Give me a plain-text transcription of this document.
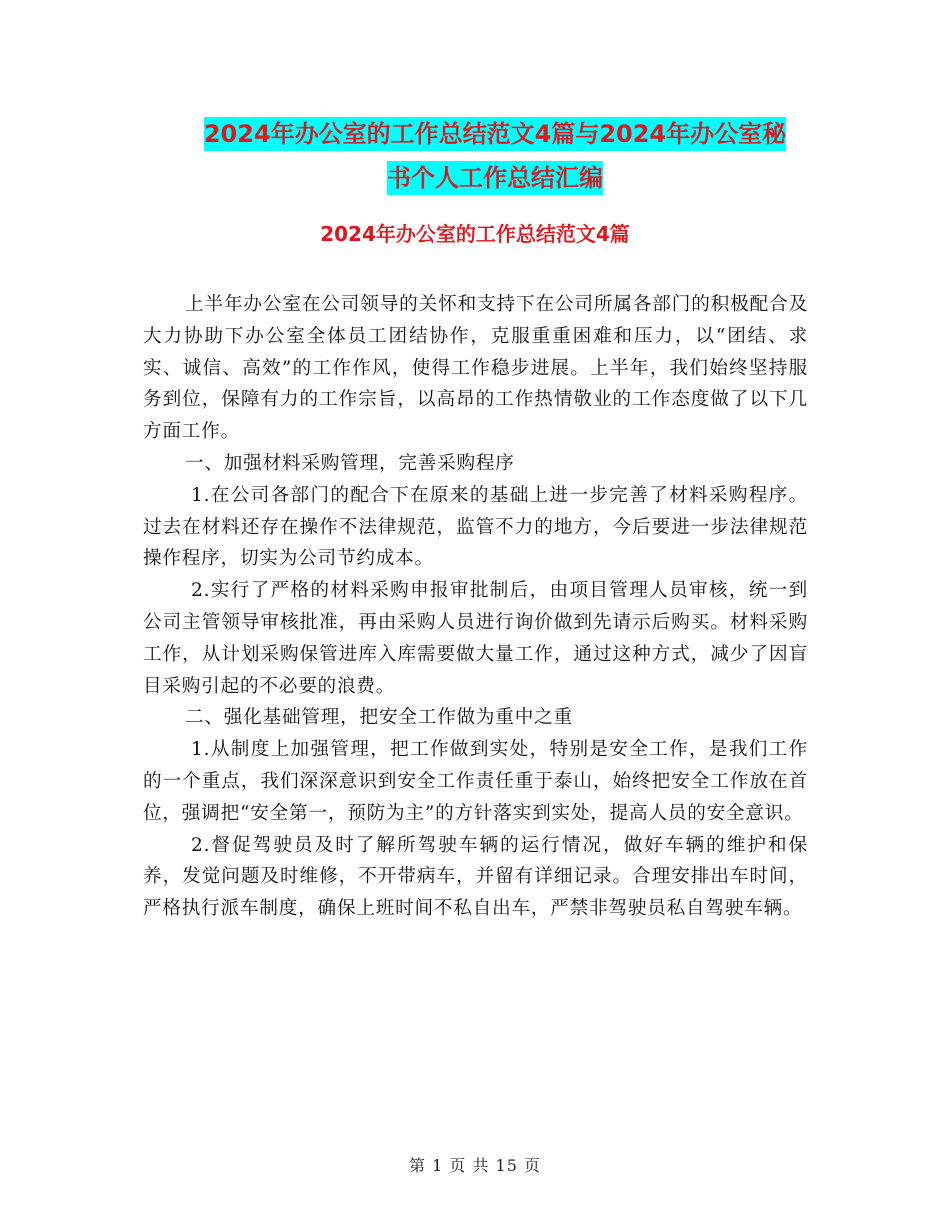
2024年办公室的工作总结范文4篇与2024年办公室秘
书个人工作总结汇编
2024年办公室的工作总结范文4篇

上半年办公室在公司领导的关怀和支持下在公司所属各部门的积极配合及大力协助下办公室全体员工团结协作，克服重重困难和压力，以“团结、求实、诚信、高效”的工作作风，使得工作稳步进展。上半年，我们始终坚持服务到位，保障有力的工作宗旨，以高昂的工作热情敬业的工作态度做了以下几方面工作。

一、加强材料采购管理，完善采购程序

1.在公司各部门的配合下在原来的基础上进一步完善了材料采购程序。过去在材料还存在操作不法律规范，监管不力的地方，今后要进一步法律规范操作程序，切实为公司节约成本。

2.实行了严格的材料采购申报审批制后，由项目管理人员审核，统一到公司主管领导审核批准，再由采购人员进行询价做到先请示后购买。材料采购工作，从计划采购保管进库入库需要做大量工作，通过这种方式，减少了因盲目采购引起的不必要的浪费。

二、强化基础管理，把安全工作做为重中之重

1.从制度上加强管理，把工作做到实处，特别是安全工作，是我们工作的一个重点，我们深深意识到安全工作责任重于泰山，始终把安全工作放在首位，强调把“安全第一，预防为主”的方针落实到实处，提高人员的安全意识。

2.督促驾驶员及时了解所驾驶车辆的运行情况，做好车辆的维护和保养，发觉问题及时维修，不开带病车，并留有详细记录。合理安排出车时间，严格执行派车制度，确保上班时间不私自出车，严禁非驾驶员私自驾驶车辆。

第 1 页 共 15 页
